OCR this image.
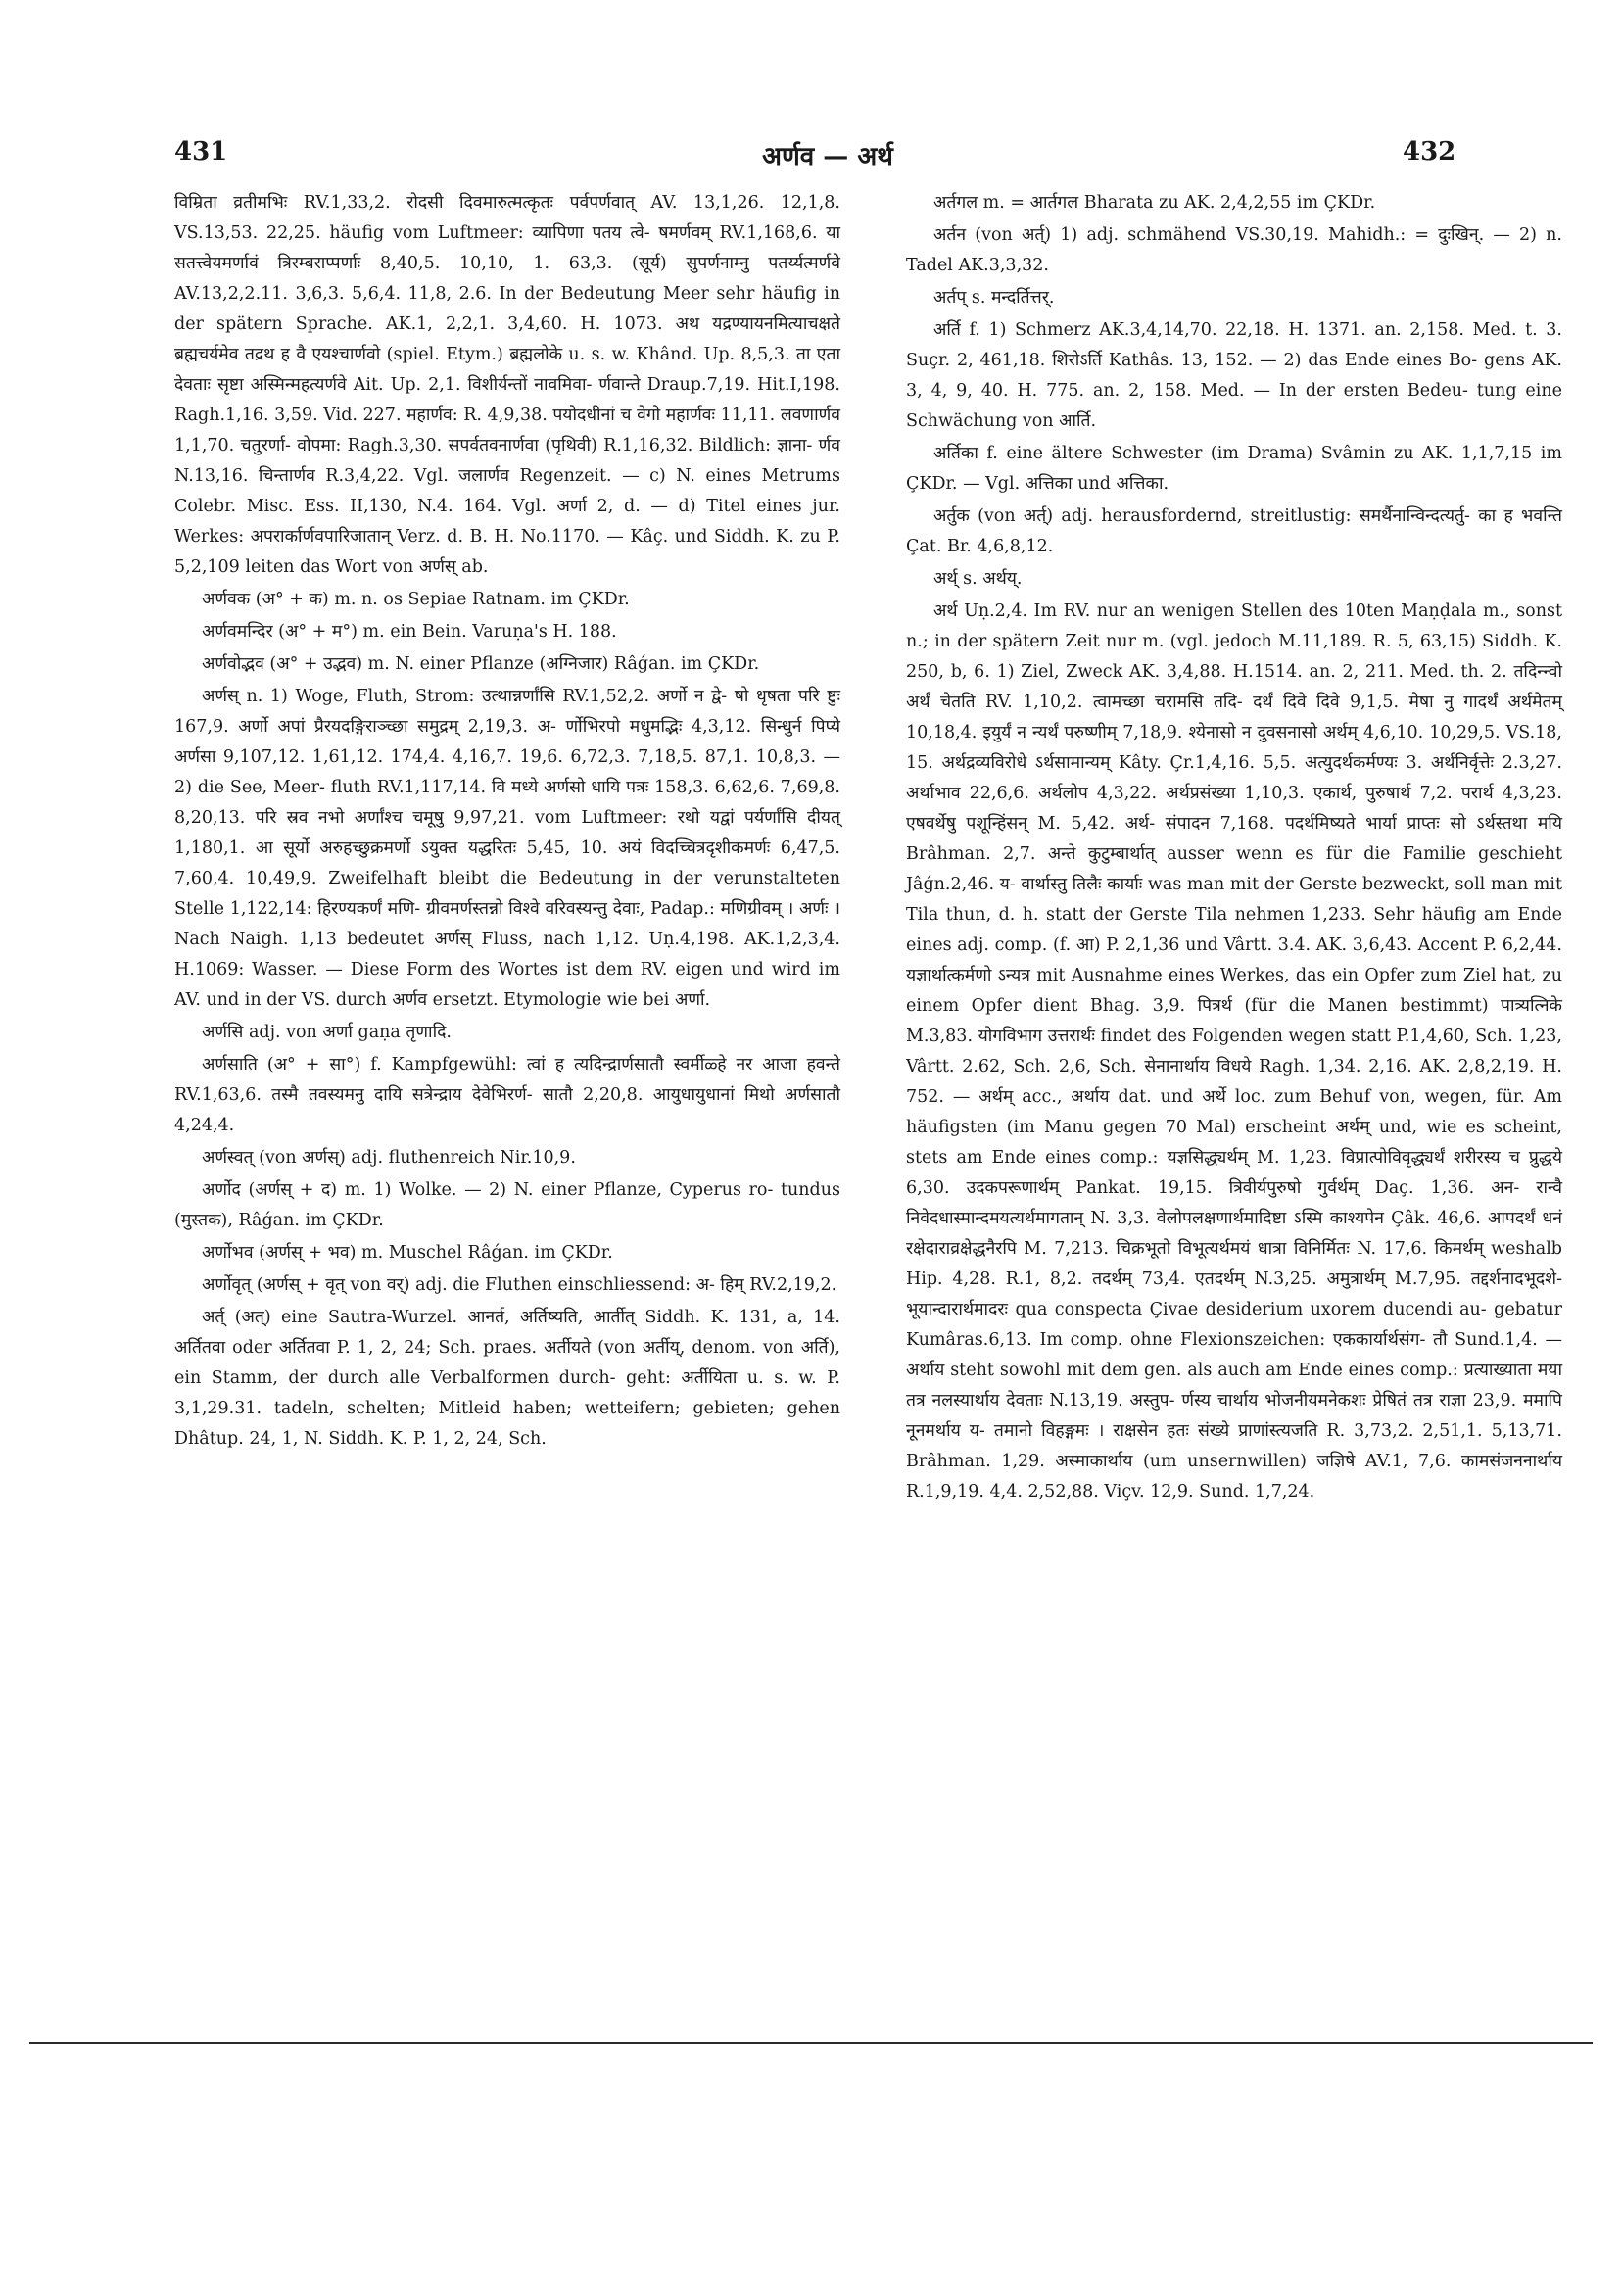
431	अर्णव — अर्थ	432

विम्रिता व्रतीमभिः RV.1,33,2. रोदसी दिवमारुत्मत्कृतः पर्वपर्णवात् AV. 13,1,26. 12,1,8. VS.13,53. 22,25. häufig vom Luftmeer: व्यापिणा पतय त्वे- षमर्णवम् RV.1,168,6. या सतत्त्वेयमर्णावं त्रिरम्बराप्पर्णाः 8,40,5. 10,10, 1. 63,3. (सूर्य) सुपर्णनाम्नु पतर्य्यत्मर्णवे AV.13,2,2.11. 3,6,3. 5,6,4. 11,8, 2.6. In der Bedeutung Meer sehr häufig in der spätern Sprache. AK.1, 2,2,1. 3,4,60. H. 1073. अथ यद्रण्यायनमित्याचक्षते ब्रह्मचर्यमेव तद्रथ ह वै एयश्चार्णवो (spiel. Etym.) ब्रह्मलोके u. s. w. Khând. Up. 8,5,3. ता एता देवताः सृष्टा अस्मिन्महत्यर्णवे Ait. Up. 2,1. विशीर्यन्तों नावमिवा- र्णवान्ते Draup.7,19. Hit.I,198. Ragh.1,16. 3,59. Vid. 227. महार्णव: R. 4,9,38. पयोदधीनां च वेगो महार्णवः 11,11. लवणार्णव 1,1,70. चतुरर्णा- वोपमा: Ragh.3,30. सपर्वतवनार्णवा (पृथिवी) R.1,16,32. Bildlich: ज्ञाना- र्णव N.13,16. चिन्तार्णव R.3,4,22. Vgl. जलार्णव Regenzeit. — c) N. eines Metrums Colebr. Misc. Ess. II,130, N.4. 164. Vgl. अर्णा 2, d. — d) Titel eines jur. Werkes: अपरार्कार्णवपारिजातान् Verz. d. B. H. No.1170. — Kâç. und Siddh. K. zu P. 5,2,109 leiten das Wort von अर्णस् ab.

अर्णवक (अ° + क) m. n. os Sepiae Ratnam. im ÇKDr.

अर्णवमन्दिर (अ° + म°) m. ein Bein. Varuṇa's H. 188.

अर्णवोद्भव (अ° + उद्भव) m. N. einer Pflanze (अग्निजार) Râǵan. im ÇKDr.

अर्णस् n. 1) Woge, Fluth, Strom: उत्थान्नर्णांसि RV.1,52,2. अर्णो न द्वे- षो धृषता परि ष्टुः 167,9. अर्णो अपां प्रैरयदङ्गिराञ्च्छा समुद्रम् 2,19,3. अ- र्णोभिरपो मधुमद्भिः 4,3,12. सिन्धुर्न पिप्ये अर्णसा 9,107,12. 1,61,12. 174,4. 4,16,7. 19,6. 6,72,3. 7,18,5. 87,1. 10,8,3. — 2) die See, Meer- fluth RV.1,117,14. वि मध्ये अर्णसो धायि पत्रः 158,3. 6,62,6. 7,69,8. 8,20,13. परि स्रव नभो अर्णांश्च चमूषु 9,97,21. vom Luftmeer: रथो यद्वां पर्यर्णांसि दीयत् 1,180,1. आ सूर्यो अरुहच्छुक्रमर्णो ऽयुक्त यद्धरितः 5,45, 10. अयं विदच्चित्रदृशीकमर्णः 6,47,5. 7,60,4. 10,49,9. Zweifelhaft bleibt die Bedeutung in der verunstalteten Stelle 1,122,14: हिरण्यकर्णं मणि- ग्रीवमर्णस्तन्नो विश्वे वरिवस्यन्तु देवाः, Padap.: मणिग्रीवम् । अर्णः । Nach Naigh. 1,13 bedeutet अर्णस् Fluss, nach 1,12. Uṇ.4,198. AK.1,2,3,4. H.1069: Wasser. — Diese Form des Wortes ist dem RV. eigen und wird im AV. und in der VS. durch अर्णव ersetzt. Etymologie wie bei अर्णा.

अर्णसि adj. von अर्णा gaṇa तृणादि.

अर्णसाति (अ° + सा°) f. Kampfgewühl: त्वां ह त्यदिन्द्रार्णसातौ स्वर्मीळ्हे नर आजा हवन्ते RV.1,63,6. तस्मै तवस्यमनु दायि सत्रेन्द्राय देवेभिरर्ण- सातौ 2,20,8. आयुधायुधानां मिथो अर्णसातौ 4,24,4.

अर्णस्वत् (von अर्णस्) adj. fluthenreich Nir.10,9.

अर्णोद (अर्णस् + द) m. 1) Wolke. — 2) N. einer Pflanze, Cyperus ro- tundus (मुस्तक), Râǵan. im ÇKDr.

अर्णोभव (अर्णस् + भव) m. Muschel Râǵan. im ÇKDr.

अर्णोवृत् (अर्णस् + वृत् von वर्) adj. die Fluthen einschliessend: अ- हिम् RV.2,19,2.

अर्त् (अत्) eine Sautra-Wurzel. आनर्त, अर्तिष्यति, आर्तीत् Siddh. K. 131, a, 14. अर्तितवा oder अर्तितवा P. 1, 2, 24; Sch. praes. अर्तीयते (von अर्तीय्, denom. von अर्ति), ein Stamm, der durch alle Verbalformen durch- geht: अर्तीयिता u. s. w. P. 3,1,29.31. tadeln, schelten; Mitleid haben; wetteifern; gebieten; gehen Dhâtup. 24, 1, N. Siddh. K. P. 1, 2, 24, Sch.

अर्तगल m. = आर्तगल Bharata zu AK. 2,4,2,55 im ÇKDr.

अर्तन (von अर्त्) 1) adj. schmähend VS.30,19. Mahidh.: = दुःखिन्. — 2) n. Tadel AK.3,3,32.

अर्तप् s. मन्दर्तित्तर्.

अर्ति f. 1) Schmerz AK.3,4,14,70. 22,18. H. 1371. an. 2,158. Med. t. 3. Suçr. 2, 461,18. शिरोऽर्ति Kathâs. 13, 152. — 2) das Ende eines Bo- gens AK. 3, 4, 9, 40. H. 775. an. 2, 158. Med. — In der ersten Bedeu- tung eine Schwächung von आर्ति.

अर्तिका f. eine ältere Schwester (im Drama) Svâmin zu AK. 1,1,7,15 im ÇKDr. — Vgl. अत्तिका und अत्तिका.

अर्तुक (von अर्त्) adj. herausfordernd, streitlustig: समर्थैनान्विन्दत्यर्तु- का ह भवन्ति Çat. Br. 4,6,8,12.

अर्थ् s. अर्थय्.

अर्थ Uṇ.2,4. Im RV. nur an wenigen Stellen des 10ten Maṇḍala m., sonst n.; in der spätern Zeit nur m. (vgl. jedoch M.11,189. R. 5, 63,15) Siddh. K. 250, b, 6. 1) Ziel, Zweck AK. 3,4,88. H.1514. an. 2, 211. Med. th. 2. तदिन्न्वो अर्थं चेतति RV. 1,10,2. त्वामच्छा चरामसि तदि- दर्थं दिवे दिवे 9,1,5. मेषा नु गादर्थं अर्थमेतम् 10,18,4. इयुर्यं न न्यर्थं परुष्णीम् 7,18,9. श्येनासो न दुवसनासो अर्थम् 4,6,10. 10,29,5. VS.18, 15. अर्थद्रव्यविरोधे ऽर्थसामान्यम् Kâty. Çr.1,4,16. 5,5. अत्युदर्थकर्मण्यः 3. अर्थनिर्वृत्तेः 2.3,27. अर्थाभाव 22,6,6. अर्थलोप 4,3,22. अर्थप्रसंख्या 1,10,3. एकार्थ, पुरुषार्थ 7,2. परार्थ 4,3,23. एषवर्थेषु पशून्हिंसन् M. 5,42. अर्थ- संपादन 7,168. पदर्थमिष्यते भार्या प्राप्तः सो ऽर्थस्तथा मयि Brâhman. 2,7. अन्ते कुटुम्बार्थात् ausser wenn es für die Familie geschieht Jâǵn.2,46. य- वार्थास्तु तिलैः कार्याः was man mit der Gerste bezweckt, soll man mit Tila thun, d. h. statt der Gerste Tila nehmen 1,233. Sehr häufig am Ende eines adj. comp. (f. आ) P. 2,1,36 und Vârtt. 3.4. AK. 3,6,43. Accent P. 6,2,44. यज्ञार्थात्कर्मणो ऽन्यत्र mit Ausnahme eines Werkes, das ein Opfer zum Ziel hat, zu einem Opfer dient Bhag. 3,9. पित्रर्थ (für die Manen bestimmt) पात्र्यत्निके M.3,83. योगविभाग उत्तरार्थः findet des Folgenden wegen statt P.1,4,60, Sch. 1,23, Vârtt. 2.62, Sch. 2,6, Sch. सेनानार्थाय विधये Ragh. 1,34. 2,16. AK. 2,8,2,19. H. 752. — अर्थम् acc., अर्थाय dat. und अर्थे loc. zum Behuf von, wegen, für. Am häufigsten (im Manu gegen 70 Mal) erscheint अर्थम् und, wie es scheint, stets am Ende eines comp.: यज्ञसिद्ध्यर्थम् M. 1,23. विप्रात्पोविवृद्ध्यर्थं शरीरस्य च प्रुद्धये 6,30. उदकपरूणार्थम् Pankat. 19,15. त्रिवीर्यपुरुषो गुर्वर्थम् Daç. 1,36. अन- रान्वै निवेदधास्मान्दमयत्यर्थमागतान् N. 3,3. वेलोपलक्षणार्थमादिष्टा ऽस्मि काश्यपेन Çâk. 46,6. आपदर्थं धनं रक्षेदाराव्रक्षेद्धनैरपि M. 7,213. चिक्रभूतो विभूत्यर्थमयं धात्रा विनिर्मितः N. 17,6. किमर्थम् weshalb Hip. 4,28. R.1, 8,2. तदर्थम् 73,4. एतदर्थम् N.3,25. अमुत्रार्थम् M.7,95. तद्दर्शनादभूदशे- भूयान्दारार्थमादरः qua conspecta Çivae desiderium uxorem ducendi au- gebatur Kumâras.6,13. Im comp. ohne Flexionszeichen: एककार्यार्थसंग- तौ Sund.1,4. — अर्थाय steht sowohl mit dem gen. als auch am Ende eines comp.: प्रत्याख्याता मया तत्र नलस्यार्थाय देवताः N.13,19. अस्तुप- र्णस्य चार्थाय भोजनीयमनेकशः प्रेषितं तत्र राज्ञा 23,9. ममापि नूनमर्थाय य- तमानो विहङ्गमः । राक्षसेन हतः संख्ये प्राणांस्त्यजति R. 3,73,2. 2,51,1. 5,13,71. Brâhman. 1,29. अस्माकार्थाय (um unsernwillen) जज्ञिषे AV.1, 7,6. कामसंजननार्थाय R.1,9,19. 4,4. 2,52,88. Viçv. 12,9. Sund. 1,7,24.
